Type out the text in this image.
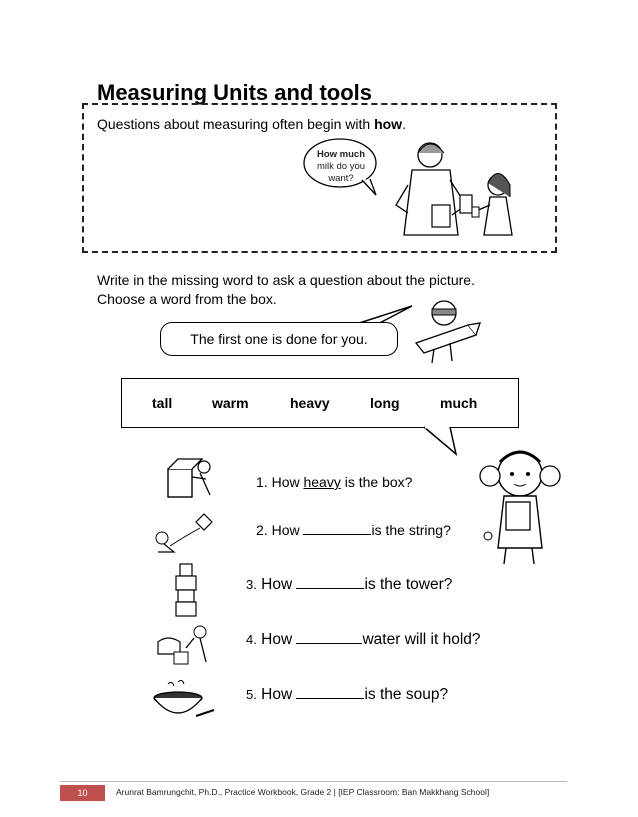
Measuring Units and tools
Questions about measuring often begin with how.
How much
milk do you
want?
Write in the missing word to ask a question about the picture.
Choose a word from the box.
The first one is done for you.
tall	warm	heavy	long	much
1. How heavy is the box?
2. How	is the string?
3. How	is the tower?
4. How	water will it hold?
5. How	is the soup?
10	Arunrat Bamrungchit, Ph.D., Practice Workbook, Grade 2 | [IEP Classroom: Ban Makkhang School]
